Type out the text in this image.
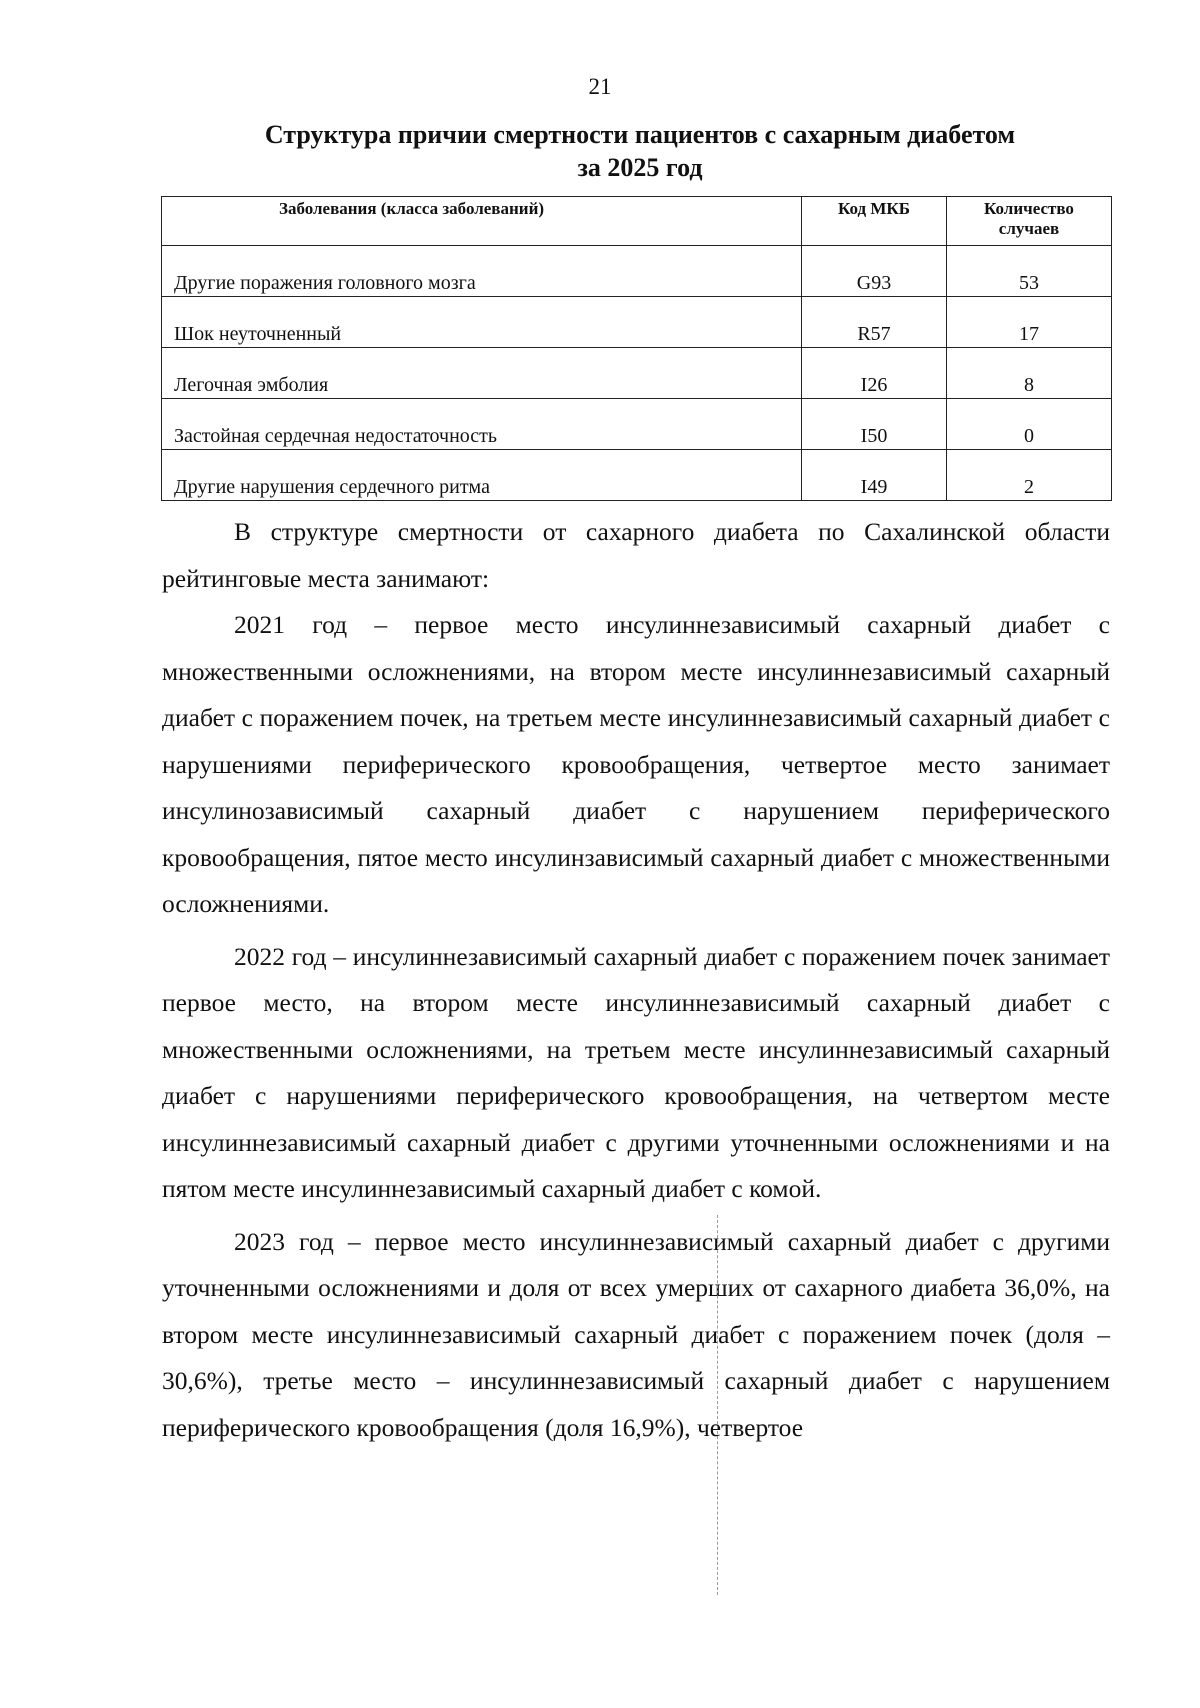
21
Структура причии смертности пациентов с сахарным диабетом
за 2025 год
Заболевания (класса заболеваний)	Код МКБ	Количество
случаев
Другие поражения головного мозга	G93	53
Шок неуточненный	R57	17
Легочная эмболия	I26	8
Застойная сердечная недостаточность	I50	0
Другие нарушения сердечного ритма	I49	2

В структуре смертности от сахарного диабета по Сахалинской области рейтинговые места занимают:

2021 год – первое место инсулиннезависимый сахарный диабет с множественными осложнениями, на втором месте инсулиннезависимый сахарный диабет с поражением почек, на третьем месте инсулиннезависимый сахарный диабет с нарушениями периферического кровообращения, четвертое место занимает инсулинозависимый сахарный диабет с нарушением периферического кровообращения, пятое место инсулинзависимый сахарный диабет с множественными осложнениями.

2022 год – инсулиннезависимый сахарный диабет с поражением почек занимает первое место, на втором месте инсулиннезависимый сахарный диабет с множественными осложнениями, на третьем месте инсулиннезависимый сахарный диабет с нарушениями периферического кровообращения, на четвертом месте инсулиннезависимый сахарный диабет с другими уточненными осложнениями и на пятом месте инсулиннезависимый сахарный диабет с комой.

2023 год – первое место инсулиннезависимый сахарный диабет с другими уточненными осложнениями и доля от всех умерших от сахарного диабета 36,0%, на втором месте инсулиннезависимый сахарный диабет с поражением почек (доля – 30,6%), третье место – инсулиннезависимый сахарный диабет с нарушением периферического кровообращения (доля 16,9%), четвертое
